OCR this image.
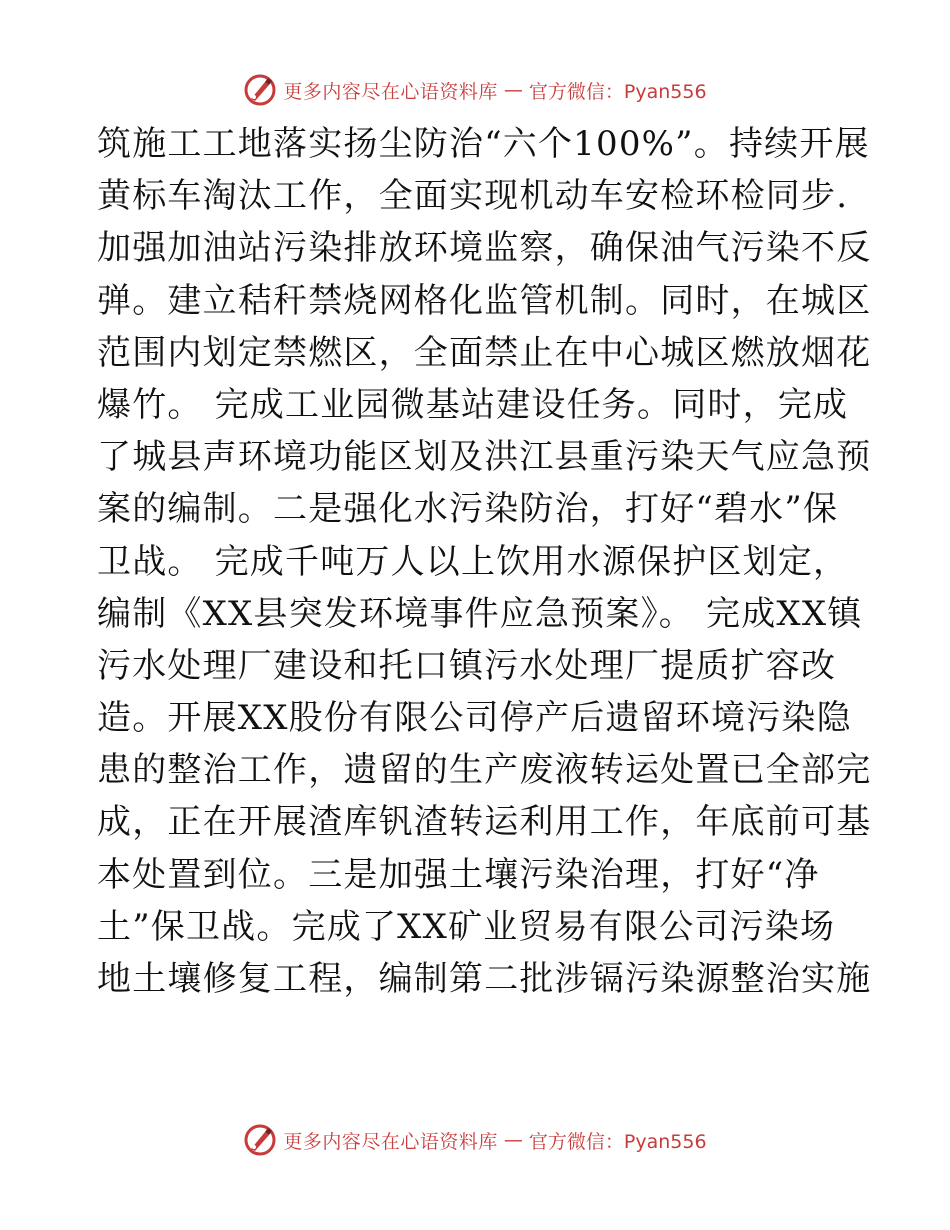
更多内容尽在心语资料库 — 官方微信：Pyan556
筑施工工地落实扬尘防治“六个100%”。持续开展
黄标车淘汰工作，全面实现机动车安检环检同步.
加强加油站污染排放环境监察，确保油气污染不反
弹。建立秸秆禁烧网格化监管机制。同时，在城区
范围内划定禁燃区，全面禁止在中心城区燃放烟花
爆竹。 完成工业园微基站建设任务。同时，完成
了城县声环境功能区划及洪江县重污染天气应急预
案的编制。二是强化水污染防治，打好“碧水”保
卫战。 完成千吨万人以上饮用水源保护区划定，
编制《XX县突发环境事件应急预案》。 完成XX镇
污水处理厂建设和托口镇污水处理厂提质扩容改
造。开展XX股份有限公司停产后遗留环境污染隐
患的整治工作，遗留的生产废液转运处置已全部完
成，正在开展渣库钒渣转运利用工作，年底前可基
本处置到位。三是加强土壤污染治理，打好“净
土”保卫战。完成了XX矿业贸易有限公司污染场
地土壤修复工程，编制第二批涉镉污染源整治实施
更多内容尽在心语资料库 — 官方微信：Pyan556
